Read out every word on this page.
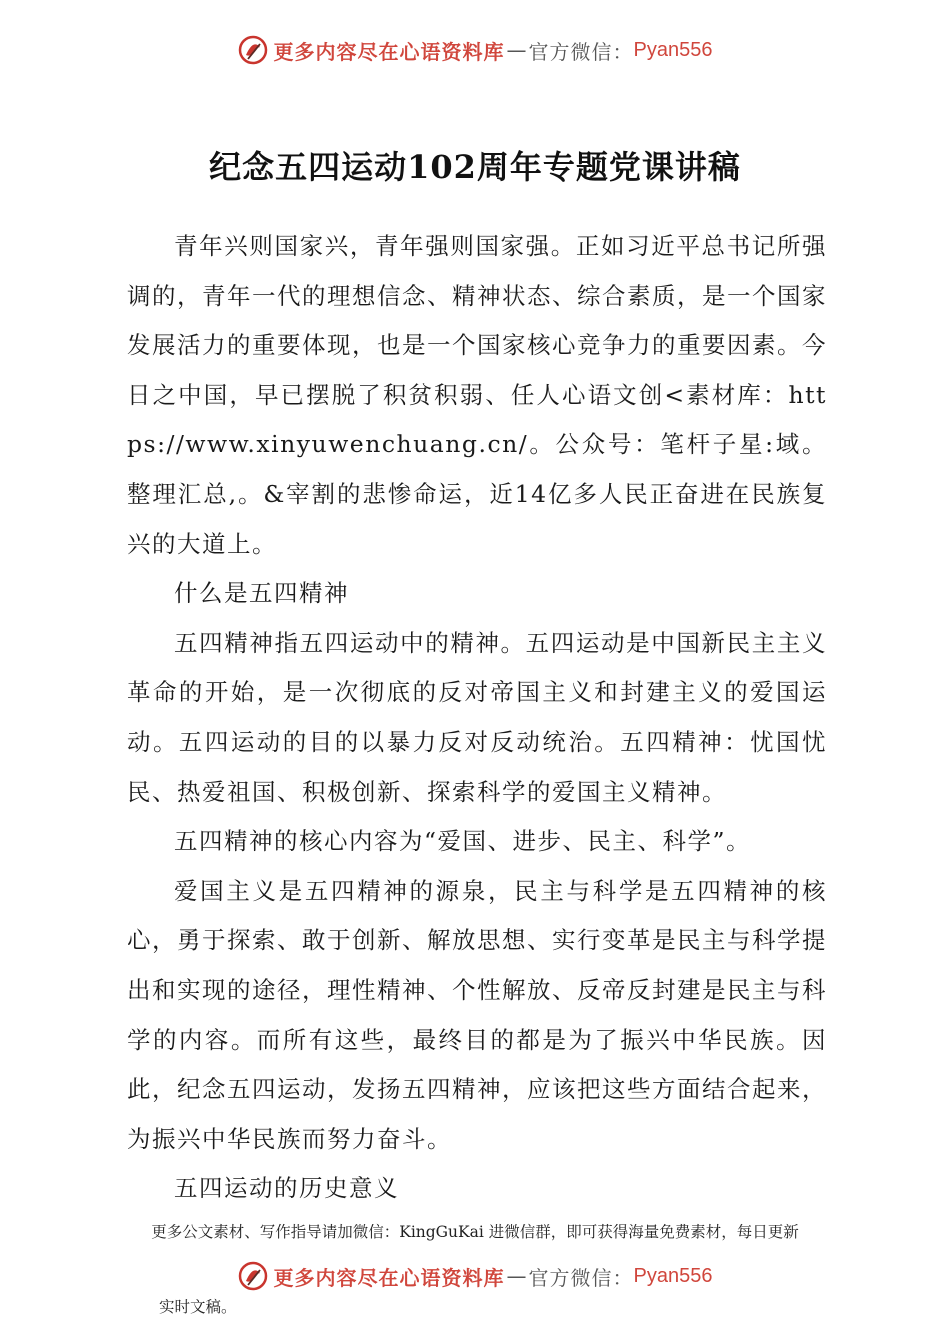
更多内容尽在心语资料库 — 官方微信： Pyan556
纪念五四运动102周年专题党课讲稿

青年兴则国家兴，青年强则国家强。正如习近平总书记所强调的，青年一代的理想信念、精神状态、综合素质，是一个国家发展活力的重要体现，也是一个国家核心竞争力的重要因素。今日之中国，早已摆脱了积贫积弱、任人心语文创<素材库：https://www.xinyuwenchuang.cn/。公众号：笔杆子星:域。整理汇总,。&宰割的悲惨命运，近14亿多人民正奋进在民族复兴的大道上。

什么是五四精神

五四精神指五四运动中的精神。五四运动是中国新民主主义革命的开始，是一次彻底的反对帝国主义和封建主义的爱国运动。五四运动的目的以暴力反对反动统治。五四精神：忧国忧民、热爱祖国、积极创新、探索科学的爱国主义精神。

五四精神的核心内容为“爱国、进步、民主、科学”。

爱国主义是五四精神的源泉，民主与科学是五四精神的核心，勇于探索、敢于创新、解放思想、实行变革是民主与科学提出和实现的途径，理性精神、个性解放、反帝反封建是民主与科学的内容。而所有这些，最终目的都是为了振兴中华民族。因此，纪念五四运动，发扬五四精神，应该把这些方面结合起来，为振兴中华民族而努力奋斗。

五四运动的历史意义

更多公文素材、写作指导请加微信：KingGuKai 进微信群，即可获得海量免费素材，每日更新
更多内容尽在心语资料库 — 官方微信： Pyan556
实时文稿。
